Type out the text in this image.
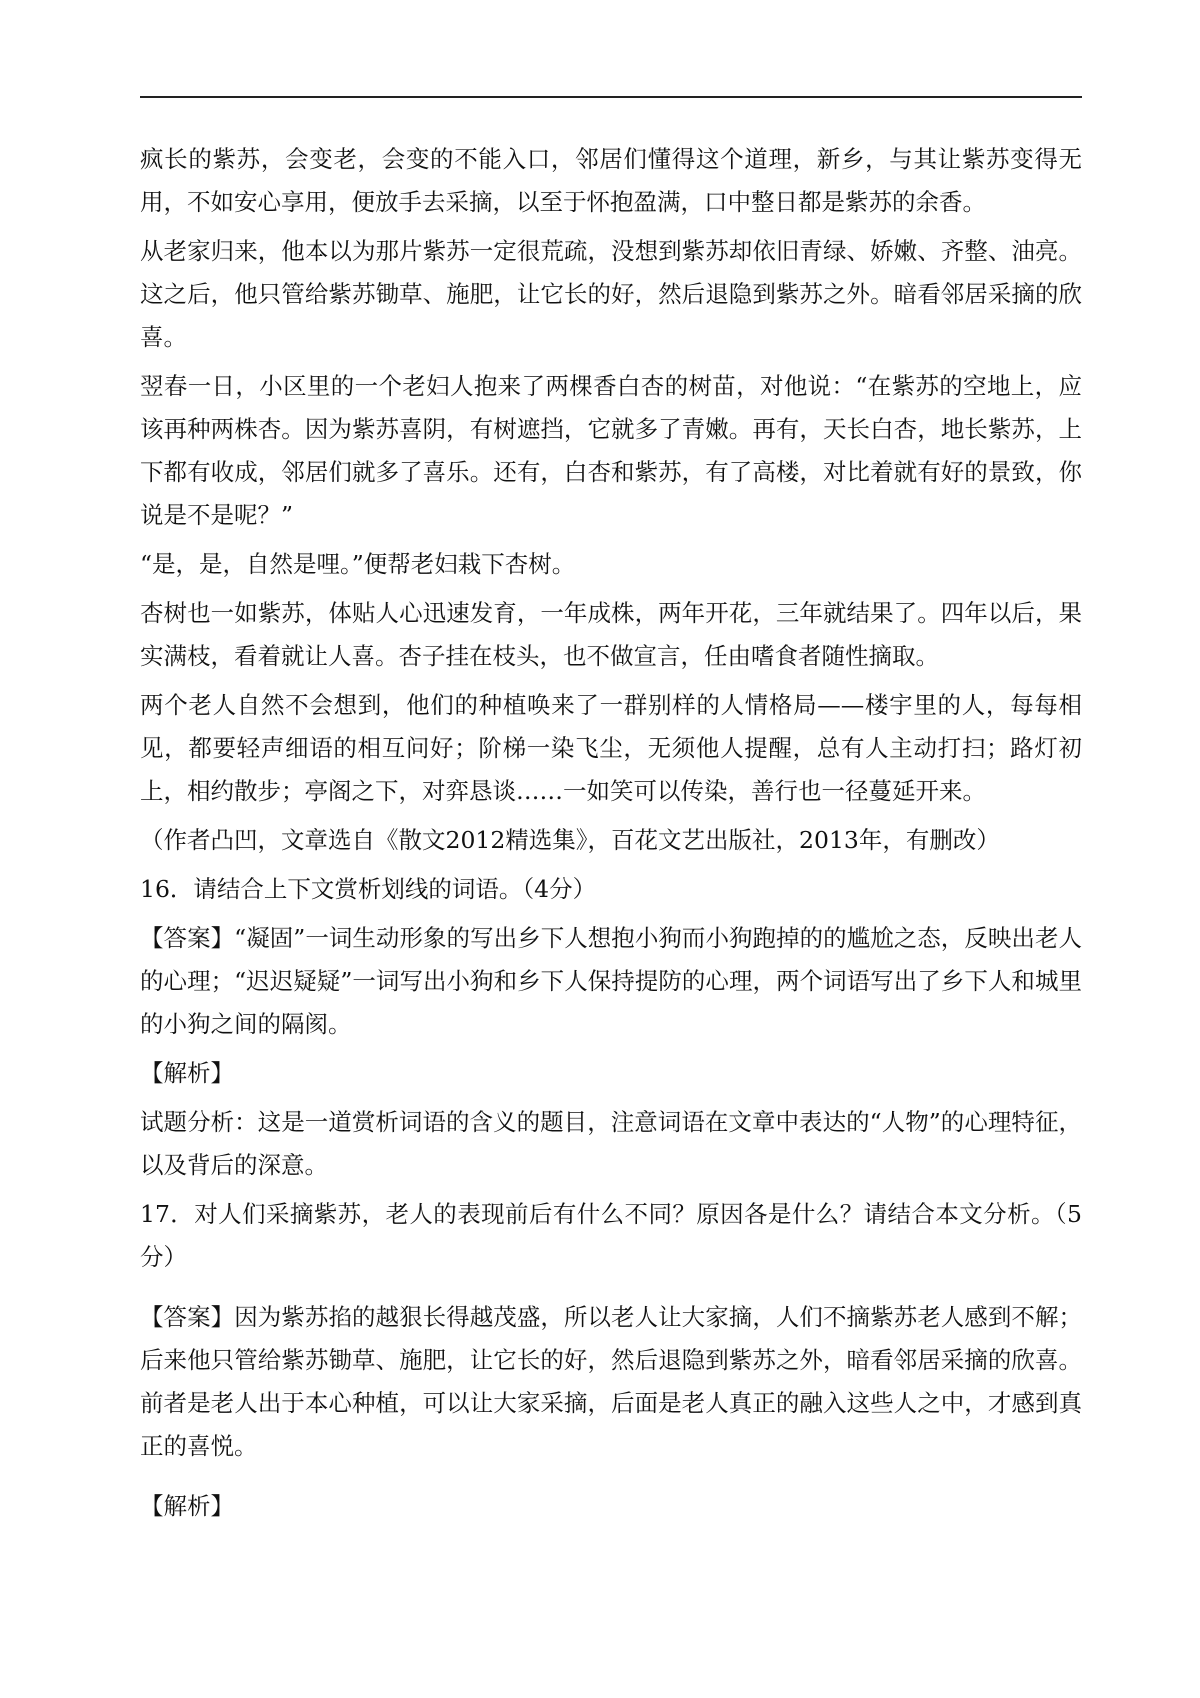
疯长的紫苏，会变老，会变的不能入口，邻居们懂得这个道理，新乡，与其让紫苏变得无用，不如安心享用，便放手去采摘，以至于怀抱盈满，口中整日都是紫苏的余香。

从老家归来，他本以为那片紫苏一定很荒疏，没想到紫苏却依旧青绿、娇嫩、齐整、油亮。这之后，他只管给紫苏锄草、施肥，让它长的好，然后退隐到紫苏之外。暗看邻居采摘的欣喜。

翌春一日，小区里的一个老妇人抱来了两棵香白杏的树苗，对他说：“在紫苏的空地上，应该再种两株杏。因为紫苏喜阴，有树遮挡，它就多了青嫩。再有，天长白杏，地长紫苏，上下都有收成，邻居们就多了喜乐。还有，白杏和紫苏，有了高楼，对比着就有好的景致，你说是不是呢？”

“是，是，自然是哩。”便帮老妇栽下杏树。

杏树也一如紫苏，体贴人心迅速发育，一年成株，两年开花，三年就结果了。四年以后，果实满枝，看着就让人喜。杏子挂在枝头，也不做宣言，任由嗜食者随性摘取。

两个老人自然不会想到，他们的种植唤来了一群别样的人情格局——楼宇里的人，每每相见，都要轻声细语的相互问好；阶梯一染飞尘，无须他人提醒，总有人主动打扫；路灯初上，相约散步；亭阁之下，对弈恳谈……一如笑可以传染，善行也一径蔓延开来。

（作者凸凹，文章选自《散文2012精选集》，百花文艺出版社，2013年，有删改）

16．请结合上下文赏析划线的词语。（4分）

【答案】“凝固”一词生动形象的写出乡下人想抱小狗而小狗跑掉的的尴尬之态，反映出老人的心理；“迟迟疑疑”一词写出小狗和乡下人保持提防的心理，两个词语写出了乡下人和城里的小狗之间的隔阂。

【解析】

试题分析：这是一道赏析词语的含义的题目，注意词语在文章中表达的“人物”的心理特征，以及背后的深意。

17．对人们采摘紫苏，老人的表现前后有什么不同？原因各是什么？请结合本文分析。（5分）

【答案】因为紫苏掐的越狠长得越茂盛，所以老人让大家摘，人们不摘紫苏老人感到不解；后来他只管给紫苏锄草、施肥，让它长的好，然后退隐到紫苏之外，暗看邻居采摘的欣喜。前者是老人出于本心种植，可以让大家采摘，后面是老人真正的融入这些人之中，才感到真正的喜悦。

【解析】
